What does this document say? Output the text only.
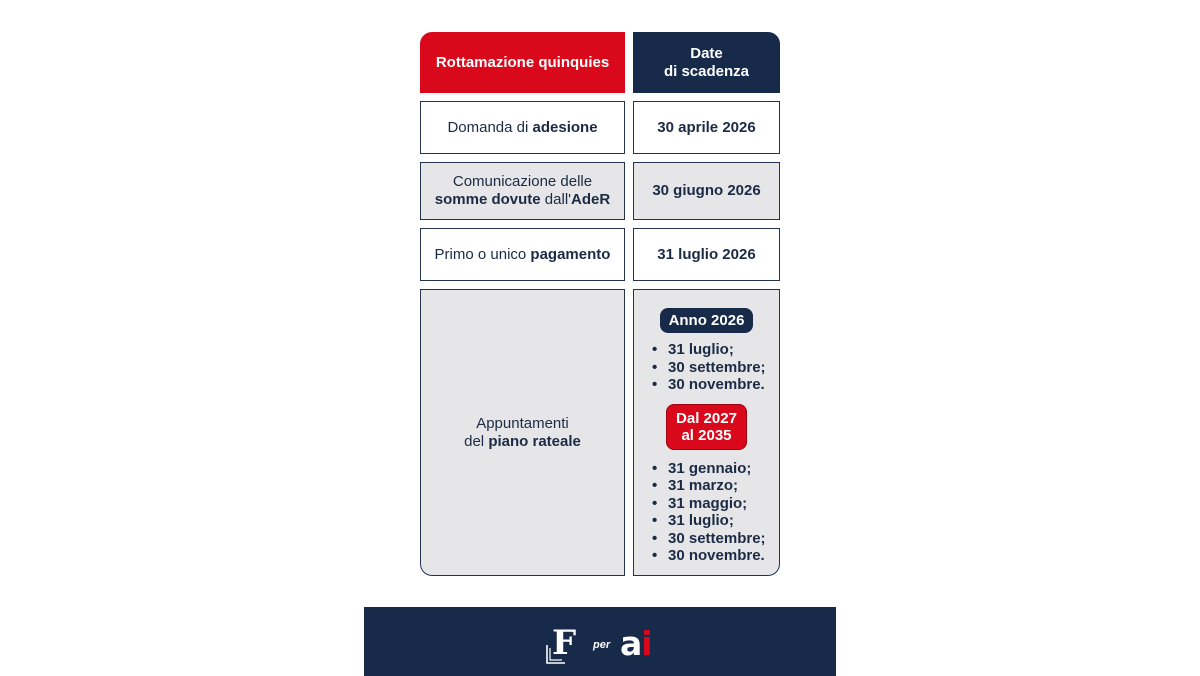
Rottamazione quinquies
Date
di scadenza
Domanda di adesione	30 aprile 2026
Comunicazione delle
somme dovute dall'AdeR
30 giugno 2026
Primo o unico pagamento	31 luglio 2026
Appuntamenti
del piano rateale
Anno 2026
• 31 luglio;
• 30 settembre;
• 30 novembre.
Dal 2027
al 2035
• 31 gennaio;
• 31 marzo;
• 31 maggio;
• 31 luglio;
• 30 settembre;
• 30 novembre.
F per ai
